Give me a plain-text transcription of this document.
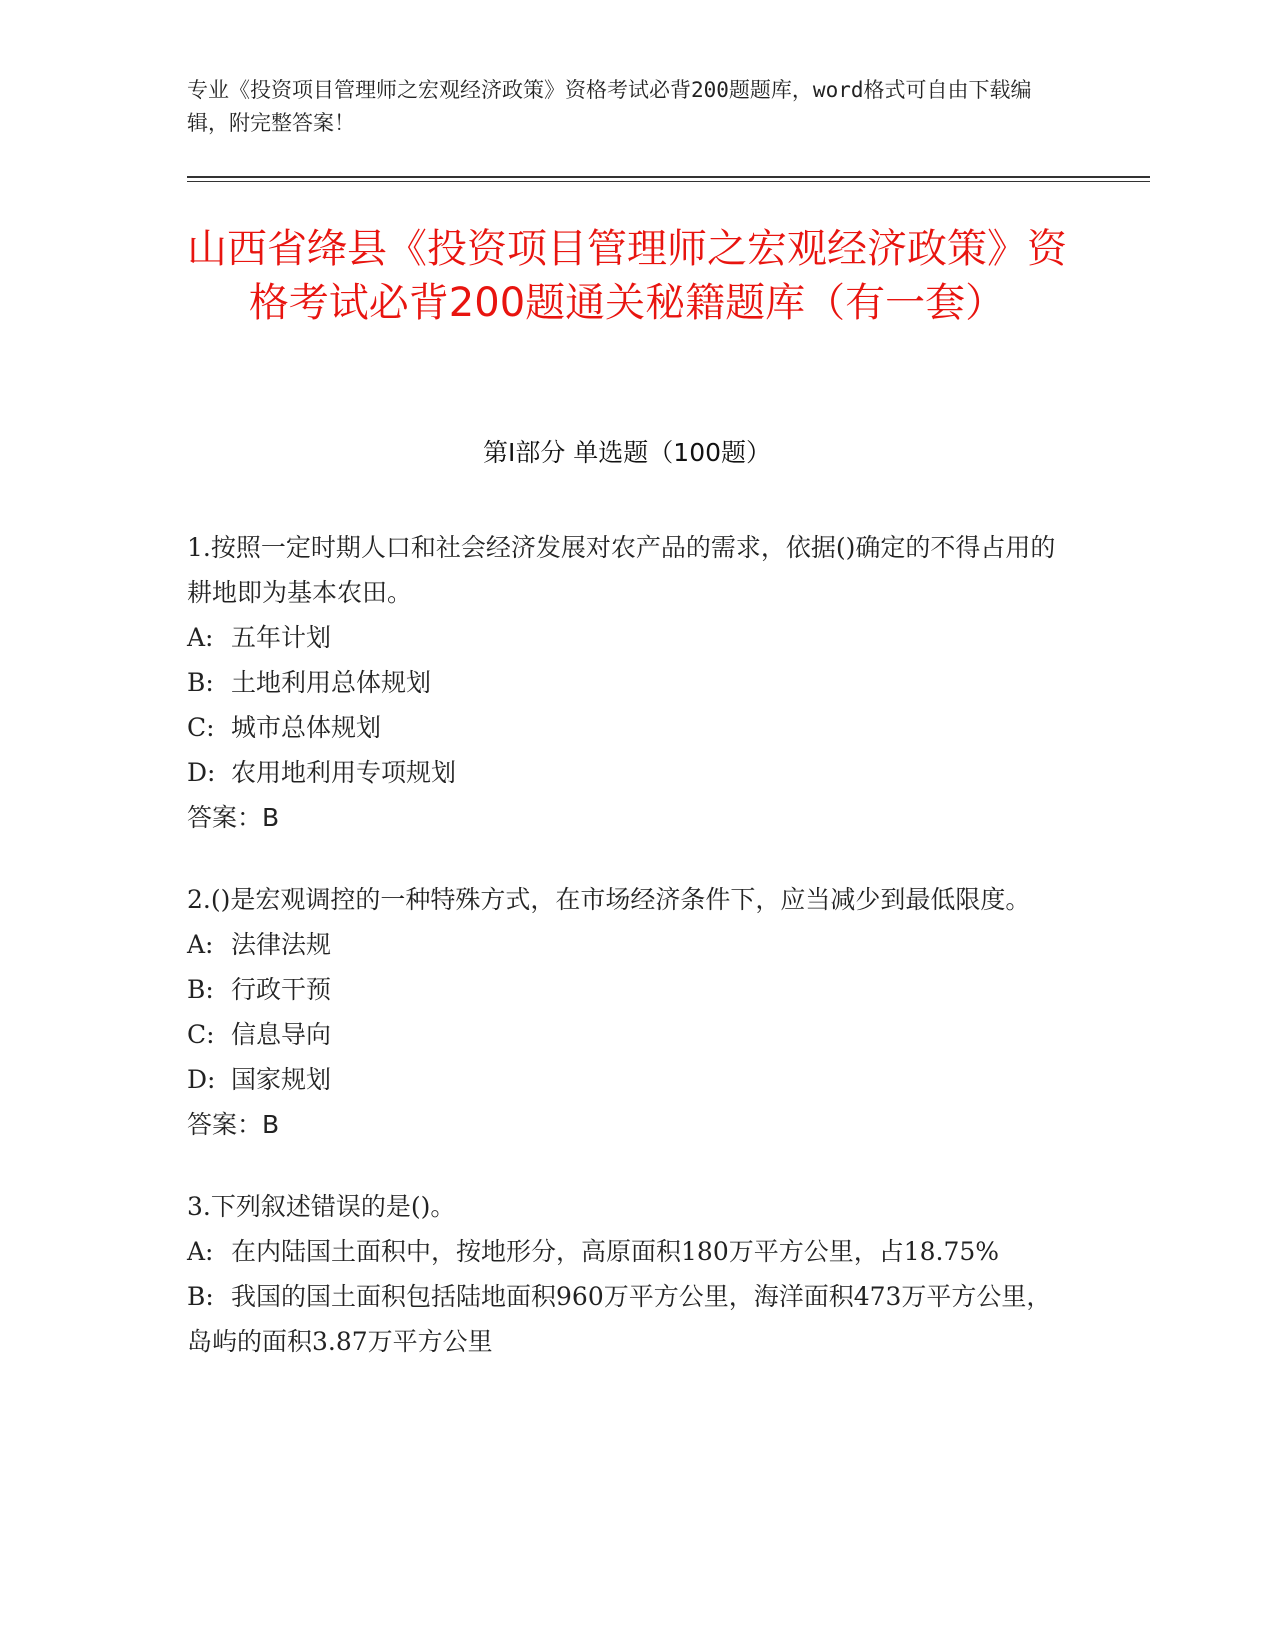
专业《投资项目管理师之宏观经济政策》资格考试必背200题题库，word格式可自由下载编辑，附完整答案！
山西省绛县《投资项目管理师之宏观经济政策》资格考试必背200题通关秘籍题库（有一套）
第I部分 单选题（100题）

1.按照一定时期人口和社会经济发展对农产品的需求，依据()确定的不得占用的耕地即为基本农田。

A: 五年计划

B: 土地利用总体规划

C: 城市总体规划

D: 农用地利用专项规划

答案：B

2.()是宏观调控的一种特殊方式，在市场经济条件下，应当减少到最低限度。

A: 法律法规

B: 行政干预

C: 信息导向

D: 国家规划

答案：B

3.下列叙述错误的是()。

A: 在内陆国土面积中，按地形分，高原面积180万平方公里，占18.75%

B: 我国的国土面积包括陆地面积960万平方公里，海洋面积473万平方公里，岛屿的面积3.87万平方公里
